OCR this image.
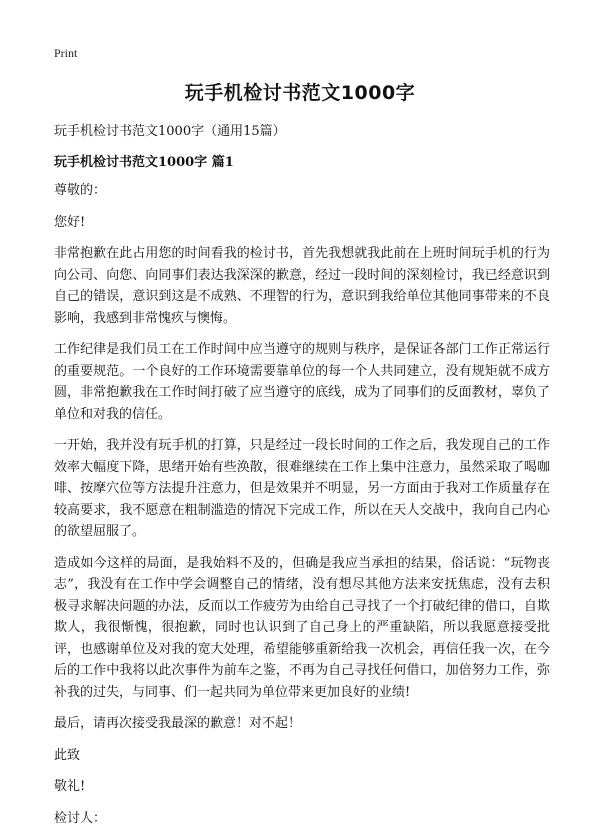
Print
玩手机检讨书范文1000字
玩手机检讨书范文1000字（通用15篇）
玩手机检讨书范文1000字 篇1

尊敬的：

您好!

非常抱歉在此占用您的时间看我的检讨书，首先我想就我此前在上班时间玩手机的行为向公司、向您、向同事们表达我深深的歉意，经过一段时间的深刻检讨，我已经意识到自己的错误，意识到这是不成熟、不理智的行为，意识到我给单位其他同事带来的不良影响，我感到非常愧疚与懊悔。

工作纪律是我们员工在工作时间中应当遵守的规则与秩序，是保证各部门工作正常运行的重要规范。一个良好的工作环境需要靠单位的每一个人共同建立，没有规矩就不成方圆，非常抱歉我在工作时间打破了应当遵守的底线，成为了同事们的反面教材，辜负了单位和对我的信任。

一开始，我并没有玩手机的打算，只是经过一段长时间的工作之后，我发现自己的工作效率大幅度下降，思绪开始有些涣散，很难继续在工作上集中注意力，虽然采取了喝咖啡、按摩穴位等方法提升注意力，但是效果并不明显，另一方面由于我对工作质量存在较高要求，我不愿意在粗制滥造的情况下完成工作，所以在天人交战中，我向自己内心的欲望屈服了。

造成如今这样的局面，是我始料不及的，但确是我应当承担的结果，俗话说：“玩物丧志”，我没有在工作中学会调整自己的情绪，没有想尽其他方法来安抚焦虑，没有去积极寻求解决问题的办法，反而以工作疲劳为由给自己寻找了一个打破纪律的借口，自欺欺人，我很惭愧，很抱歉，同时也认识到了自己身上的严重缺陷，所以我愿意接受批评，也感谢单位及对我的宽大处理，希望能够重新给我一次机会，再信任我一次，在今后的工作中我将以此次事件为前车之鉴，不再为自己寻找任何借口，加倍努力工作，弥补我的过失，与同事、们一起共同为单位带来更加良好的业绩!

最后，请再次接受我最深的歉意！对不起！

此致

敬礼!

检讨人：
